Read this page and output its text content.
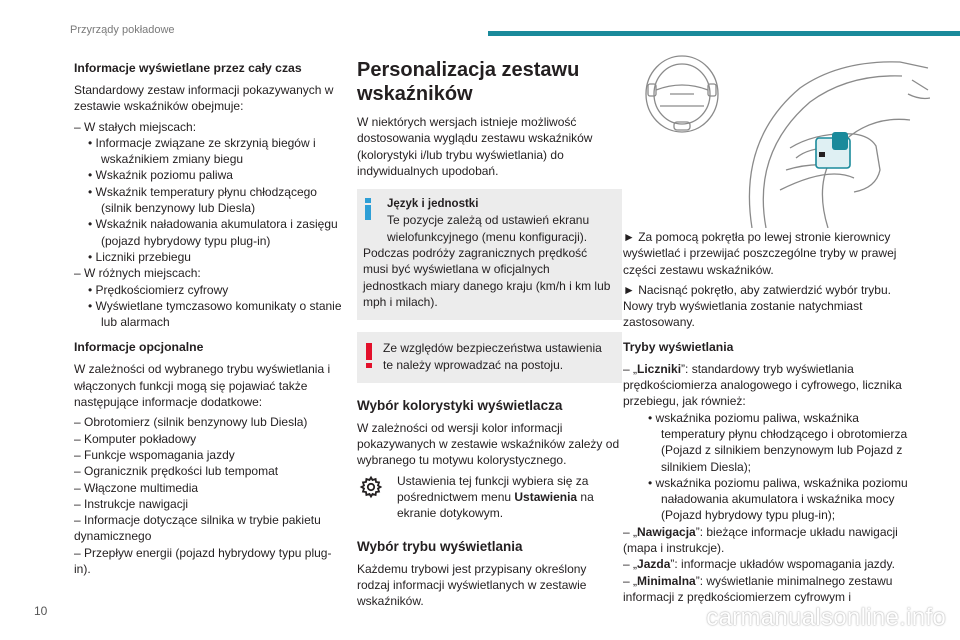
Przyrządy pokładowe
Informacje wyświetlane przez cały czas

Standardowy zestaw informacji pokazywanych w zestawie wskaźników obejmuje:

– W stałych miejscach:
• Informacje związane ze skrzynią biegów i wskaźnikiem zmiany biegu
• Wskaźnik poziomu paliwa
• Wskaźnik temperatury płynu chłodzącego (silnik benzynowy lub Diesla)
• Wskaźnik naładowania akumulatora i zasięgu (pojazd hybrydowy typu plug-in)
• Liczniki przebiegu
– W różnych miejscach:
• Prędkościomierz cyfrowy
• Wyświetlane tymczasowo komunikaty o stanie lub alarmach
Informacje opcjonalne

W zależności od wybranego trybu wyświetlania i włączonych funkcji mogą się pojawiać także następujące informacje dodatkowe:

– Obrotomierz (silnik benzynowy lub Diesla)
– Komputer pokładowy
– Funkcje wspomagania jazdy
– Ogranicznik prędkości lub tempomat
– Włączone multimedia
– Instrukcje nawigacji
– Informacje dotyczące silnika w trybie pakietu dynamicznego
– Przepływ energii (pojazd hybrydowy typu plug-in).
Personalizacja zestawu wskaźników

W niektórych wersjach istnieje możliwość dostosowania wyglądu zestawu wskaźników (kolorystyki i/lub trybu wyświetlania) do indywidualnych upodobań.

Język i jednostki
Te pozycje zależą od ustawień ekranu wielofunkcyjnego (menu konfiguracji).
Podczas podróży zagranicznych prędkość musi być wyświetlana w oficjalnych jednostkach miary danego kraju (km/h i km lub mph i milach).
Ze względów bezpieczeństwa ustawienia te należy wprowadzać na postoju.
Wybór kolorystyki wyświetlacza

W zależności od wersji kolor informacji pokazywanych w zestawie wskaźników zależy od wybranego tu motywu kolorystycznego.

Ustawienia tej funkcji wybiera się za pośrednictwem menu Ustawienia na ekranie dotykowym.
Wybór trybu wyświetlania

Każdemu trybowi jest przypisany określony rodzaj informacji wyświetlanych w zestawie wskaźników.

► Za pomocą pokrętła po lewej stronie kierownicy wyświetlać i przewijać poszczególne tryby w prawej części zestawu wskaźników.

► Nacisnąć pokrętło, aby zatwierdzić wybór trybu.

Nowy tryb wyświetlania zostanie natychmiast zastosowany.

Tryby wyświetlania
– „Liczniki”: standardowy tryb wyświetlania prędkościomierza analogowego i cyfrowego, licznika przebiegu, jak również:
• wskaźnika poziomu paliwa, wskaźnika temperatury płynu chłodzącego i obrotomierza (Pojazd z silnikiem benzynowym lub Pojazd z silnikiem Diesla);
• wskaźnika poziomu paliwa, wskaźnika poziomu naładowania akumulatora i wskaźnika mocy (Pojazd hybrydowy typu plug-in);
– „Nawigacja”: bieżące informacje układu nawigacji (mapa i instrukcje).
– „Jazda”: informacje układów wspomagania jazdy.
– „Minimalna”: wyświetlanie minimalnego zestawu informacji z prędkościomierzem cyfrowym i
10	carmanualsonline.info
